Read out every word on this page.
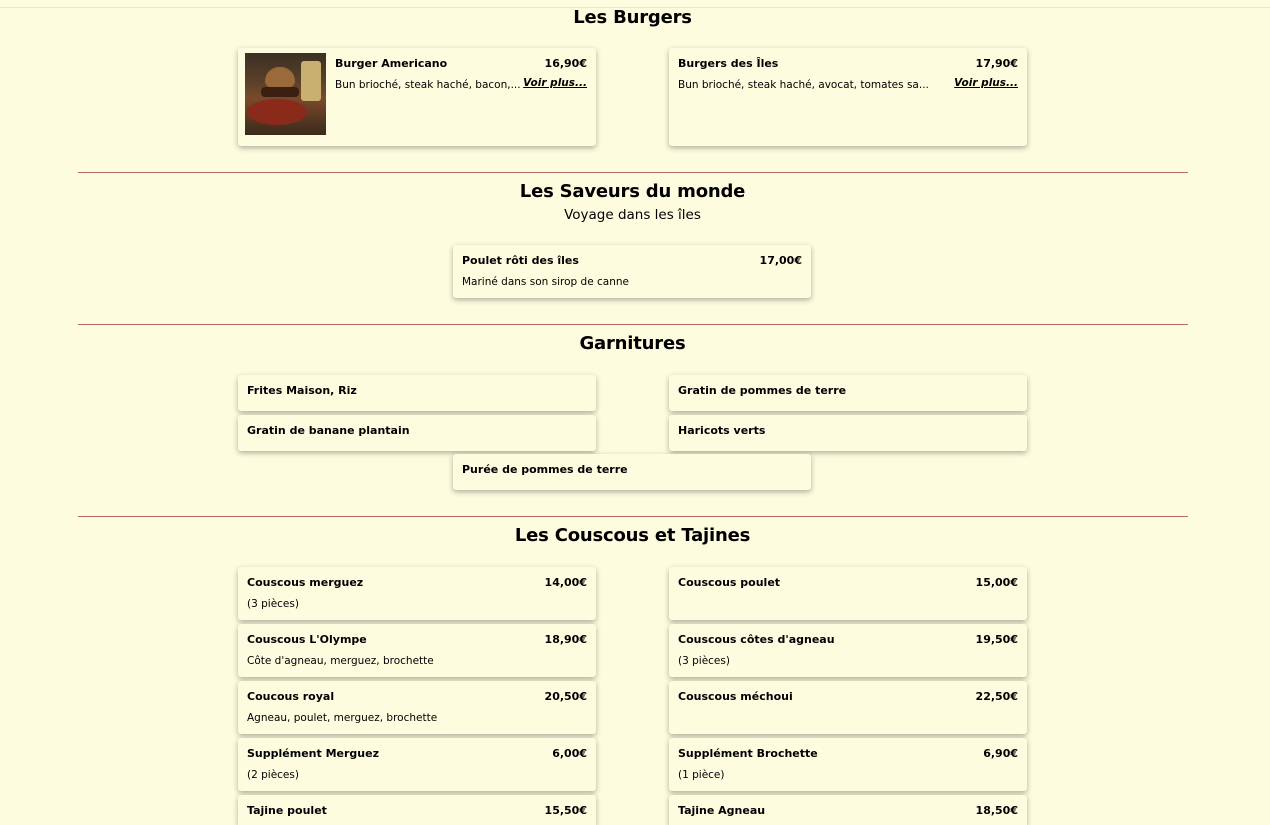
Les Burgers
Burger Americano	16,90€
Bun brioché, steak haché, bacon,... Voir plus...
Burgers des Îles	17,90€
Bun brioché, steak haché, avocat, tomates sa... Voir plus...
Les Saveurs du monde
Voyage dans les îles
Poulet rôti des îles	17,00€
Mariné dans son sirop de canne
Garnitures
Frites Maison, Riz	Gratin de pommes de terre
Gratin de banane plantain	Haricots verts
Purée de pommes de terre
Les Couscous et Tajines
Couscous merguez	14,00€
(3 pièces)
Couscous poulet	15,00€
Couscous L'Olympe	18,90€
Côte d'agneau, merguez, brochette
Couscous côtes d'agneau	19,50€
(3 pièces)
Coucous royal	20,50€
Agneau, poulet, merguez, brochette
Couscous méchoui	22,50€
Supplément Merguez	6,00€
(2 pièces)
Supplément Brochette	6,90€
(1 pièce)
Tajine poulet	15,50€	Tajine Agneau	18,50€
